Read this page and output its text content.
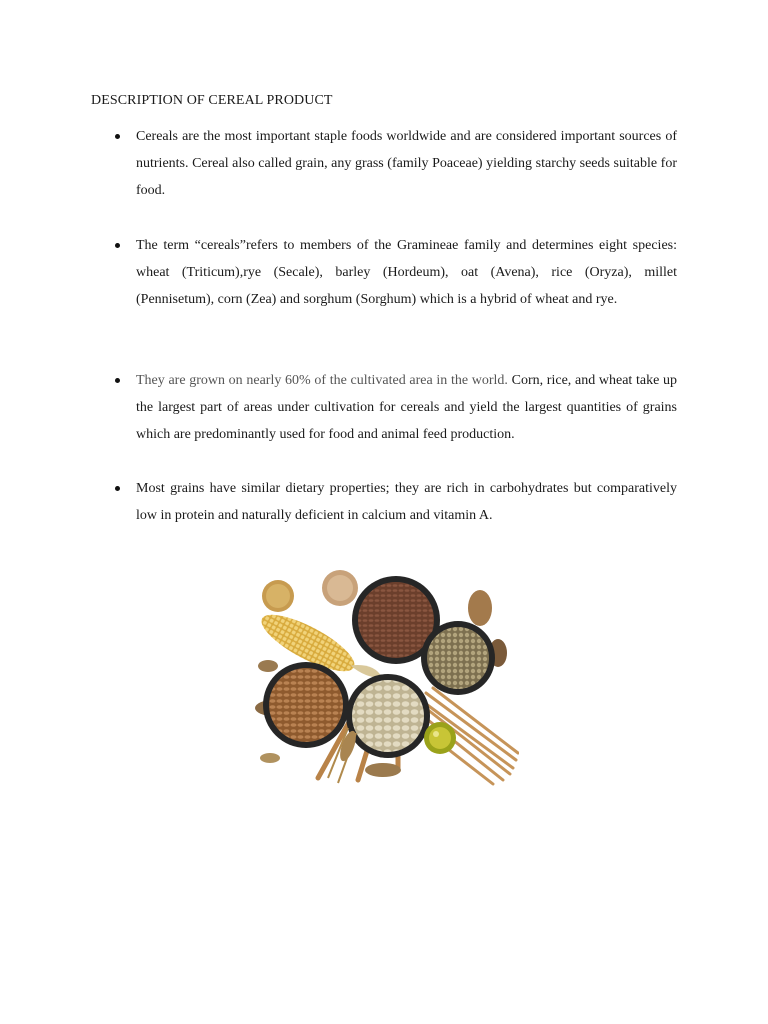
DESCRIPTION OF CEREAL PRODUCT
Cereals are the most important staple foods worldwide and are considered important sources of nutrients. Cereal also called grain, any grass (family Poaceae) yielding starchy seeds suitable for food.
The term “cereals”refers to members of the Gramineae family and determines eight species: wheat (Triticum),rye (Secale), barley (Hordeum), oat (Avena), rice (Oryza), millet (Pennisetum), corn (Zea) and sorghum (Sorghum) which is a hybrid of wheat and rye.
They are grown on nearly 60% of the cultivated area in the world. Corn, rice, and wheat take up the largest part of areas under cultivation for cereals and yield the largest quantities of grains which are predominantly used for food and animal feed production.
Most grains have similar dietary properties; they are rich in carbohydrates but comparatively low in protein and naturally deficient in calcium and vitamin A.
